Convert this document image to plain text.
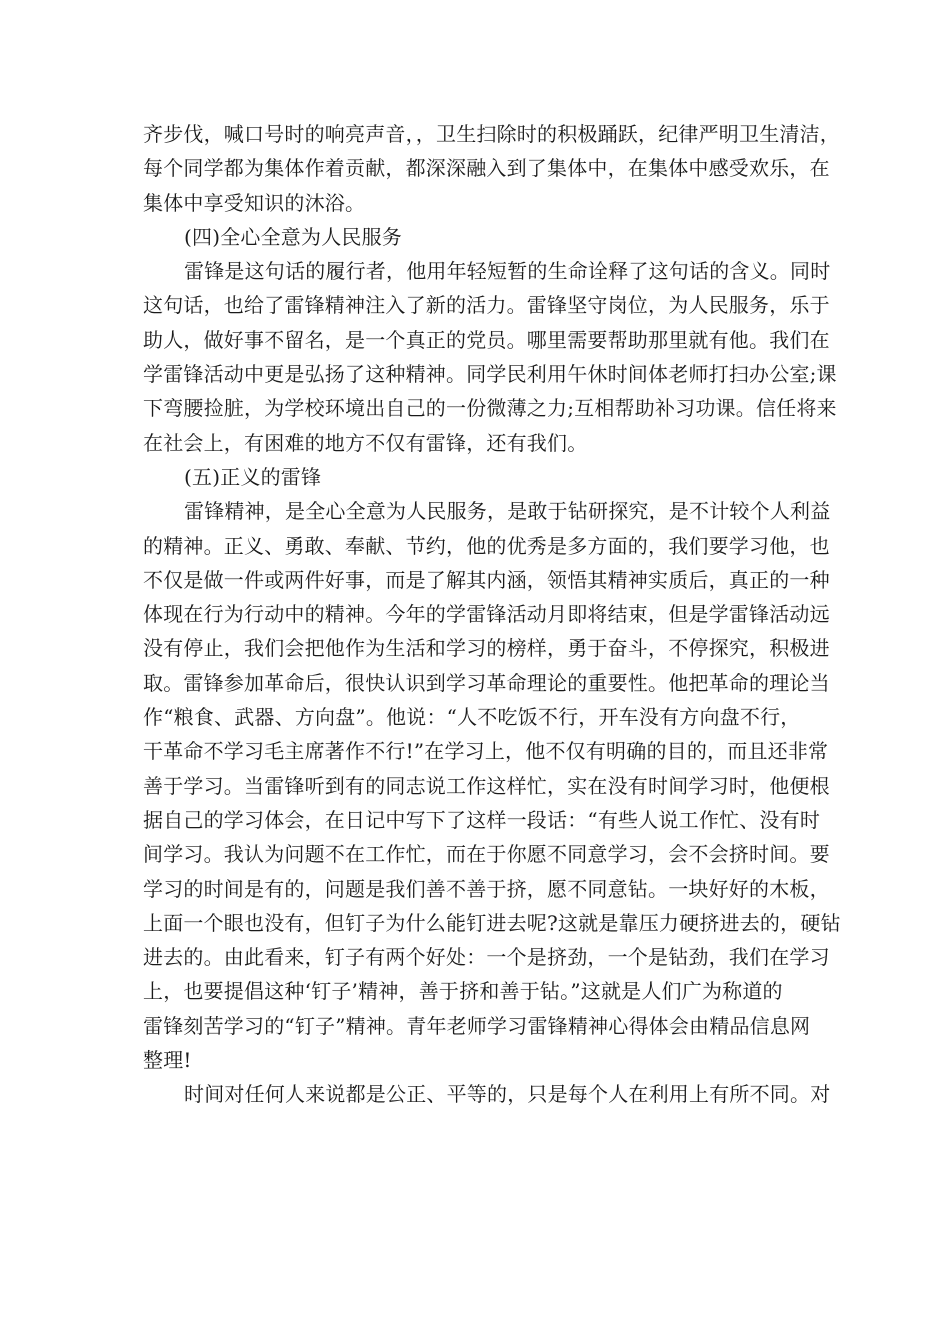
齐步伐，喊口号时的响亮声音，，卫生扫除时的积极踊跃，纪律严明卫生清洁，
每个同学都为集体作着贡献，都深深融入到了集体中，在集体中感受欢乐，在
集体中享受知识的沐浴。
(四)全心全意为人民服务
雷锋是这句话的履行者，他用年轻短暂的生命诠释了这句话的含义。同时
这句话，也给了雷锋精神注入了新的活力。雷锋坚守岗位，为人民服务，乐于
助人，做好事不留名，是一个真正的党员。哪里需要帮助那里就有他。我们在
学雷锋活动中更是弘扬了这种精神。同学民利用午休时间体老师打扫办公室;课
下弯腰捡脏，为学校环境出自己的一份微薄之力;互相帮助补习功课。信任将来
在社会上，有困难的地方不仅有雷锋，还有我们。
(五)正义的雷锋
雷锋精神，是全心全意为人民服务，是敢于钻研探究，是不计较个人利益
的精神。正义、勇敢、奉献、节约，他的优秀是多方面的，我们要学习他，也
不仅是做一件或两件好事，而是了解其内涵，领悟其精神实质后，真正的一种
体现在行为行动中的精神。今年的学雷锋活动月即将结束，但是学雷锋活动远
没有停止，我们会把他作为生活和学习的榜样，勇于奋斗，不停探究，积极进
取。雷锋参加革命后，很快认识到学习革命理论的重要性。他把革命的理论当
作“粮食、武器、方向盘”。他说：“人不吃饭不行，开车没有方向盘不行，
干革命不学习毛主席著作不行!”在学习上，他不仅有明确的目的，而且还非常
善于学习。当雷锋听到有的同志说工作这样忙，实在没有时间学习时，他便根
据自己的学习体会，在日记中写下了这样一段话：“有些人说工作忙、没有时
间学习。我认为问题不在工作忙，而在于你愿不同意学习，会不会挤时间。要
学习的时间是有的，问题是我们善不善于挤，愿不同意钻。一块好好的木板，
上面一个眼也没有，但钉子为什么能钉进去呢?这就是靠压力硬挤进去的，硬钻
进去的。由此看来，钉子有两个好处：一个是挤劲，一个是钻劲，我们在学习
上，也要提倡这种‘钉子’精神，善于挤和善于钻。”这就是人们广为称道的
雷锋刻苦学习的“钉子”精神。青年老师学习雷锋精神心得体会由精品信息网
整理!
时间对任何人来说都是公正、平等的，只是每个人在利用上有所不同。对
